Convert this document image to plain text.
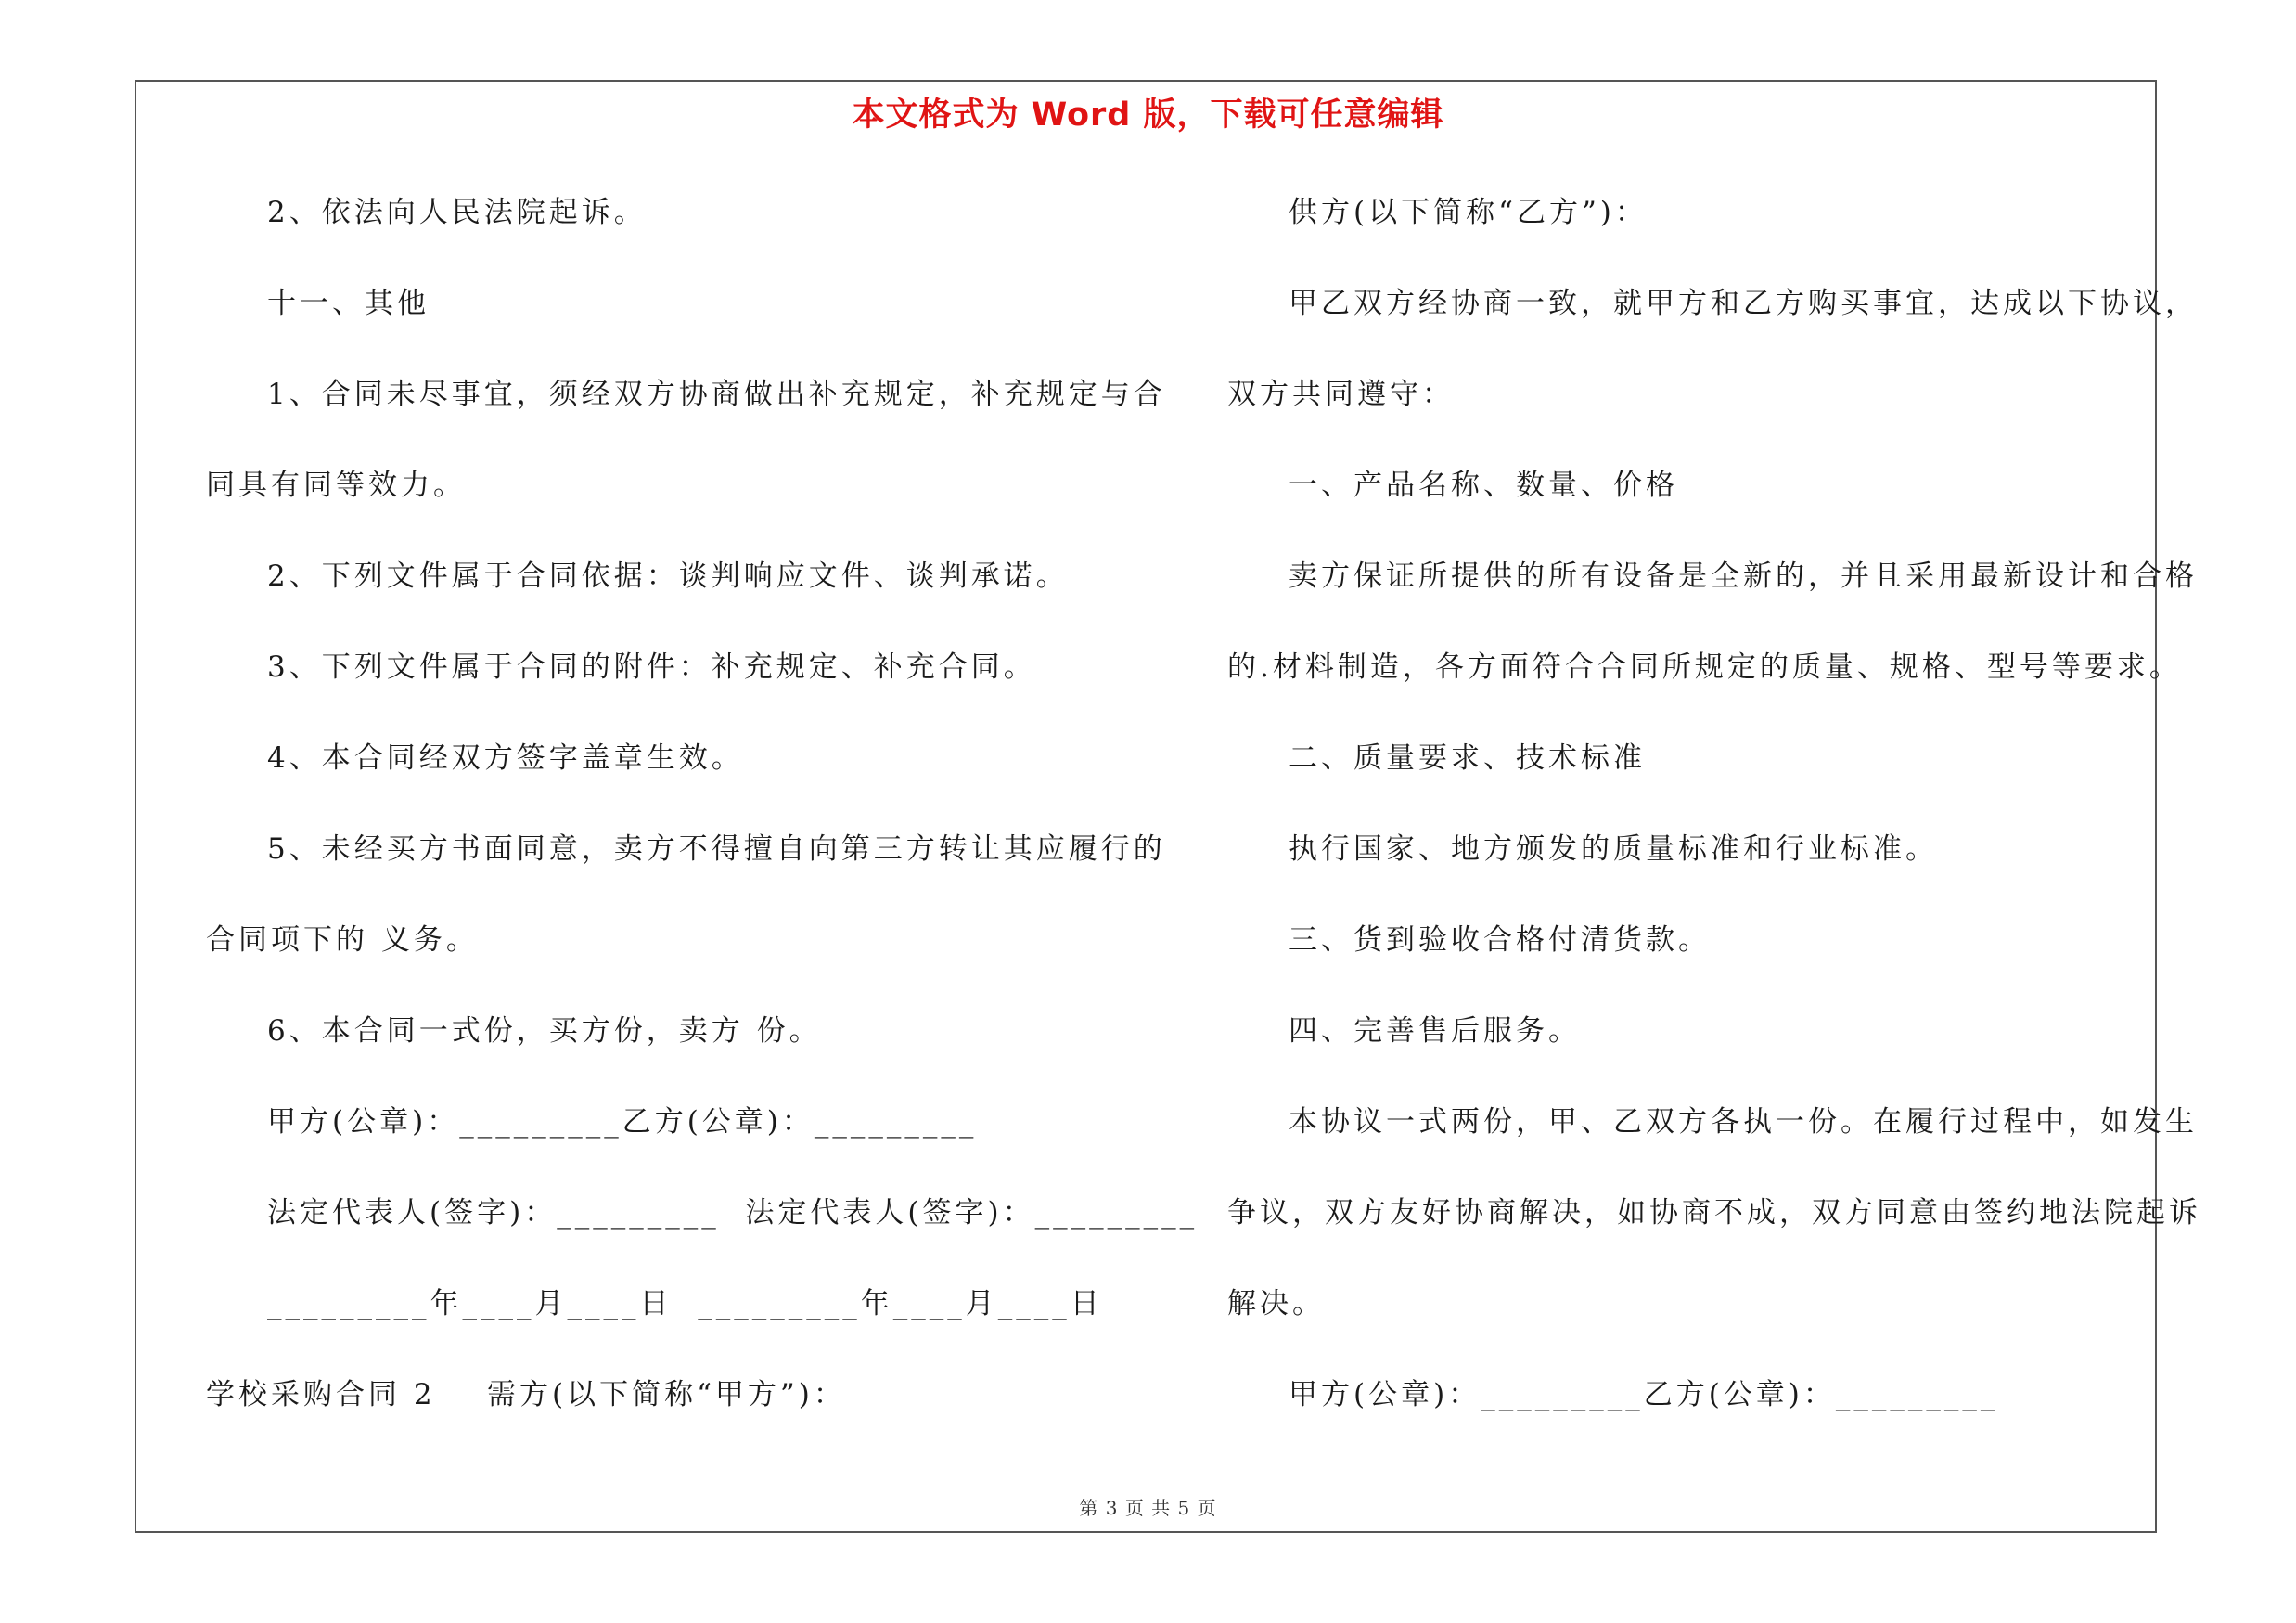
本文格式为 Word 版，下载可任意编辑
2、依法向人民法院起诉。
十一、其他
1、合同未尽事宜，须经双方协商做出补充规定，补充规定与合
同具有同等效力。
2、下列文件属于合同依据：谈判响应文件、谈判承诺。
3、下列文件属于合同的附件：补充规定、补充合同。
4、本合同经双方签字盖章生效。
5、未经买方书面同意，卖方不得擅自向第三方转让其应履行的
合同项下的 义务。
6、本合同一式份，买方份，卖方 份。
甲方(公章)：_________乙方(公章)：_________
法定代表人(签字)：_________  法定代表人(签字)：_________
_________年____月____日  _________年____月____日
学校采购合同 2    需方(以下简称“甲方”)：
供方(以下简称“乙方”)：
甲乙双方经协商一致，就甲方和乙方购买事宜，达成以下协议，
双方共同遵守：
一、产品名称、数量、价格
卖方保证所提供的所有设备是全新的，并且采用最新设计和合格
的.材料制造，各方面符合合同所规定的质量、规格、型号等要求。
二、质量要求、技术标准
执行国家、地方颁发的质量标准和行业标准。
三、货到验收合格付清货款。
四、完善售后服务。
本协议一式两份，甲、乙双方各执一份。在履行过程中，如发生
争议，双方友好协商解决，如协商不成，双方同意由签约地法院起诉
解决。
甲方(公章)：_________乙方(公章)：_________
第 3 页 共 5 页
